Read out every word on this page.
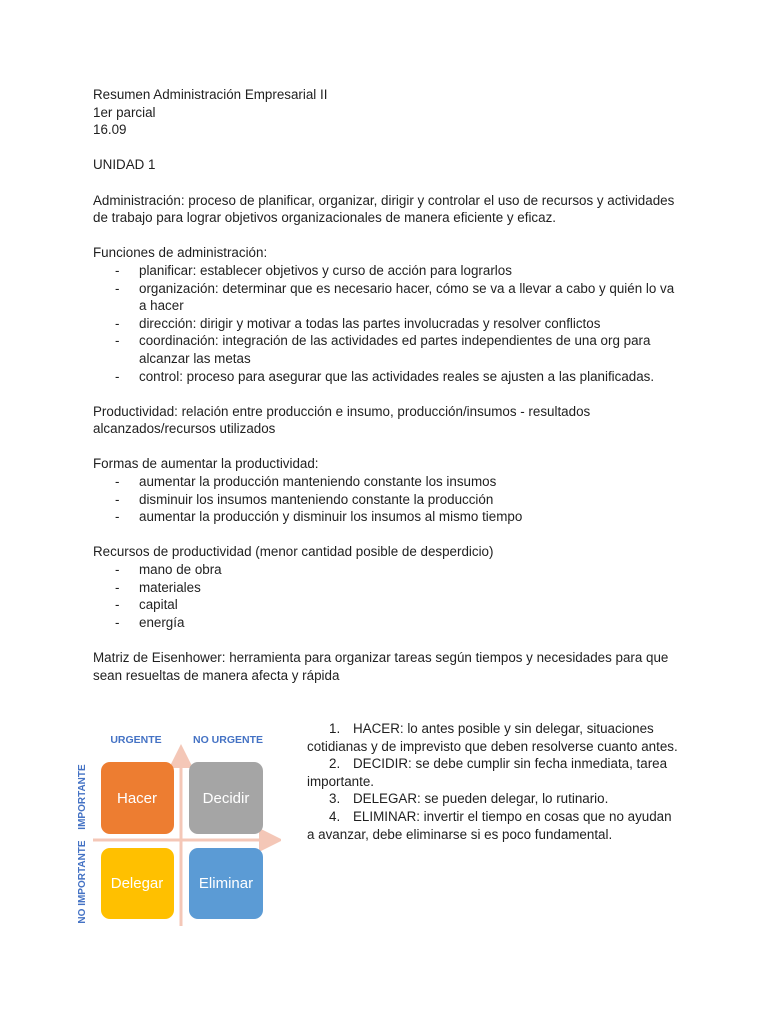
Resumen Administración Empresarial II

1er parcial

16.09

UNIDAD 1

Administración: proceso de planificar, organizar, dirigir y controlar el uso de recursos y actividades de trabajo para lograr objetivos organizacionales de manera eficiente y eficaz.

Funciones de administración:

- planificar: establecer objetivos y curso de acción para lograrlos
- organización: determinar que es necesario hacer, cómo se va a llevar a cabo y quién lo va a hacer
- dirección: dirigir y motivar a todas las partes involucradas y resolver conflictos
- coordinación: integración de las actividades ed partes independientes de una org para alcanzar las metas
- control: proceso para asegurar que las actividades reales se ajusten a las planificadas.

Productividad: relación entre producción e insumo, producción/insumos - resultados alcanzados/recursos utilizados

Formas de aumentar la productividad:

- aumentar la producción manteniendo constante los insumos
- disminuir los insumos manteniendo constante la producción
- aumentar la producción y disminuir los insumos al mismo tiempo

Recursos de productividad (menor cantidad posible de desperdicio)

- mano de obra
- materiales
- capital
- energía

Matriz de Eisenhower: herramienta para organizar tareas según tiempos y necesidades para que sean resueltas de manera afecta y rápida

URGENTE	NO URGENTE
IMPORTANTE
NO IMPORTANTE
Hacer	Decidir
Delegar Eliminar

1. HACER: lo antes posible y sin delegar, situaciones cotidianas y de imprevisto que deben resolverse cuanto antes.

2. DECIDIR: se debe cumplir sin fecha inmediata, tarea importante.

3. DELEGAR: se pueden delegar, lo rutinario.

4. ELIMINAR: invertir el tiempo en cosas que no ayudan a avanzar, debe eliminarse si es poco fundamental.
